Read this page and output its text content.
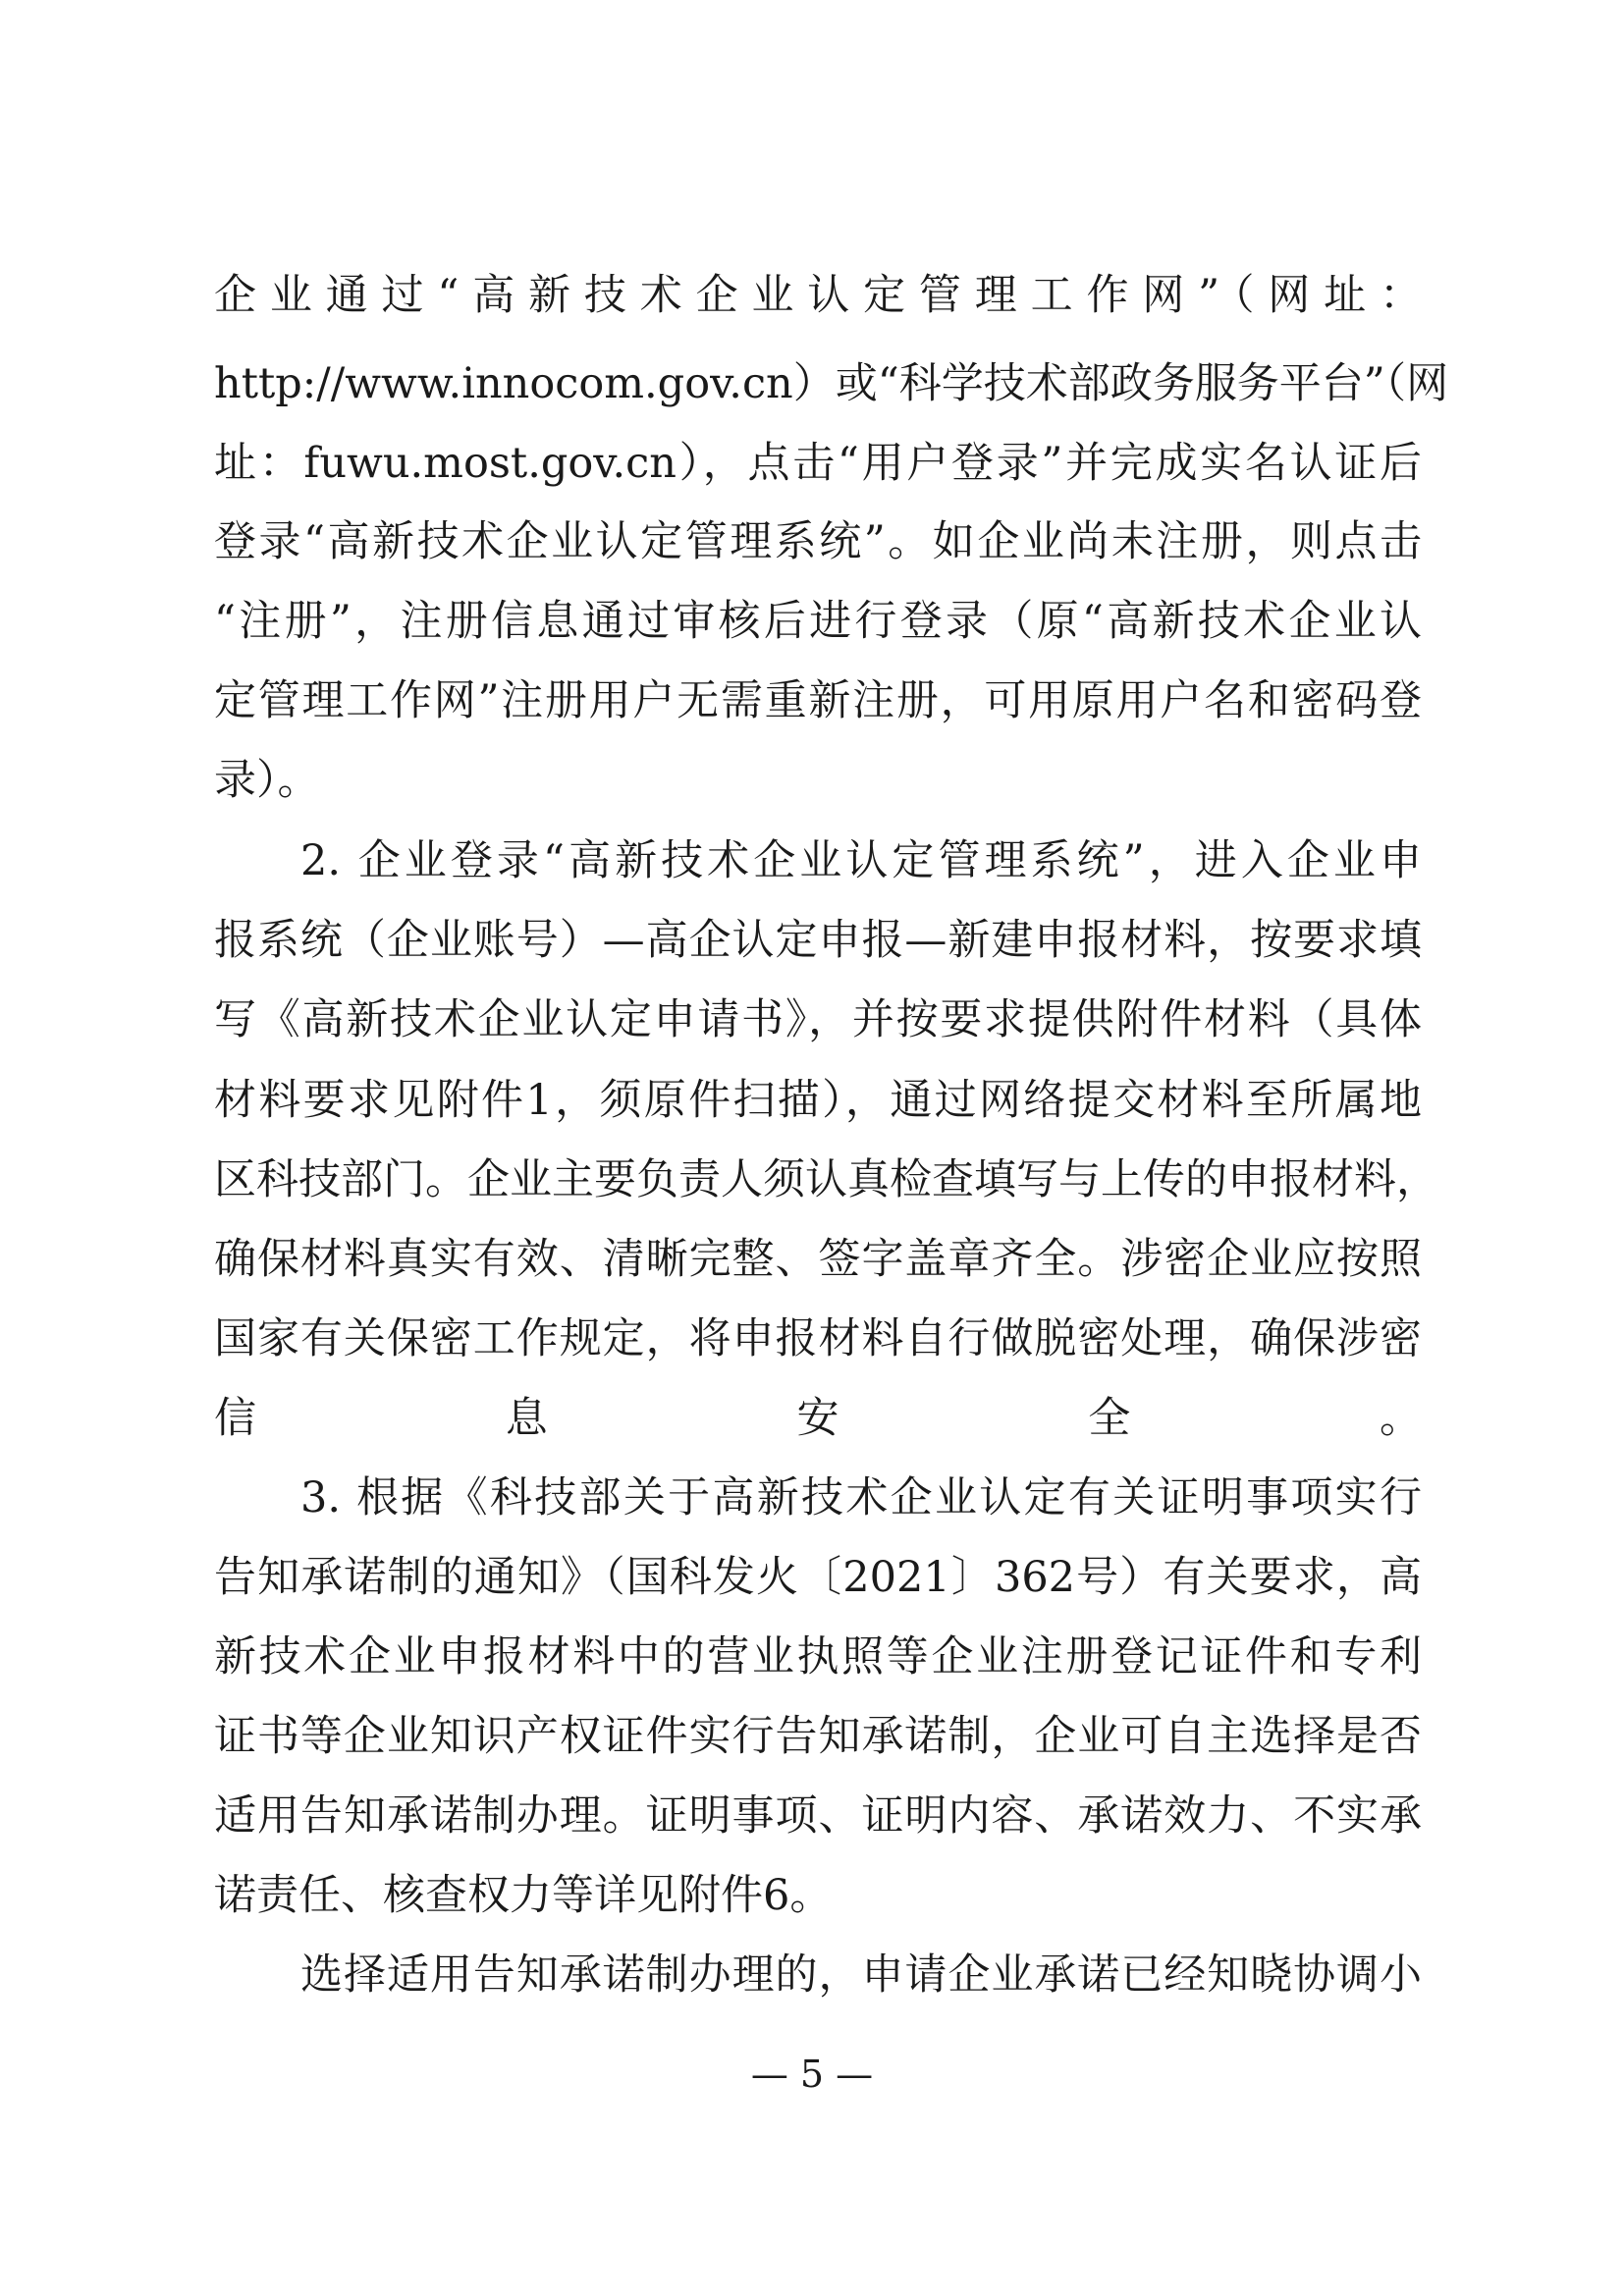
企业通过“高新技术企业认定管理工作网”（网址：
http://www.innocom.gov.cn）或“科学技术部政务服务平台”（网
址：fuwu.most.gov.cn），点击“用户登录”并完成实名认证后
登录“高新技术企业认定管理系统”。如企业尚未注册，则点击
“注册”，注册信息通过审核后进行登录（原“高新技术企业认
定管理工作网”注册用户无需重新注册，可用原用户名和密码登
录）。
2. 企业登录“高新技术企业认定管理系统”，进入企业申
报系统（企业账号）—高企认定申报—新建申报材料，按要求填
写《高新技术企业认定申请书》，并按要求提供附件材料（具体
材料要求见附件1，须原件扫描），通过网络提交材料至所属地
区科技部门。企业主要负责人须认真检查填写与上传的申报材料，
确保材料真实有效、清晰完整、签字盖章齐全。涉密企业应按照
国家有关保密工作规定，将申报材料自行做脱密处理，确保涉密
信息安全。
3. 根据《科技部关于高新技术企业认定有关证明事项实行
告知承诺制的通知》（国科发火〔2021〕362号）有关要求，高
新技术企业申报材料中的营业执照等企业注册登记证件和专利
证书等企业知识产权证件实行告知承诺制，企业可自主选择是否
适用告知承诺制办理。证明事项、证明内容、承诺效力、不实承
诺责任、核查权力等详见附件6。
选择适用告知承诺制办理的，申请企业承诺已经知晓协调小
— 5 —
